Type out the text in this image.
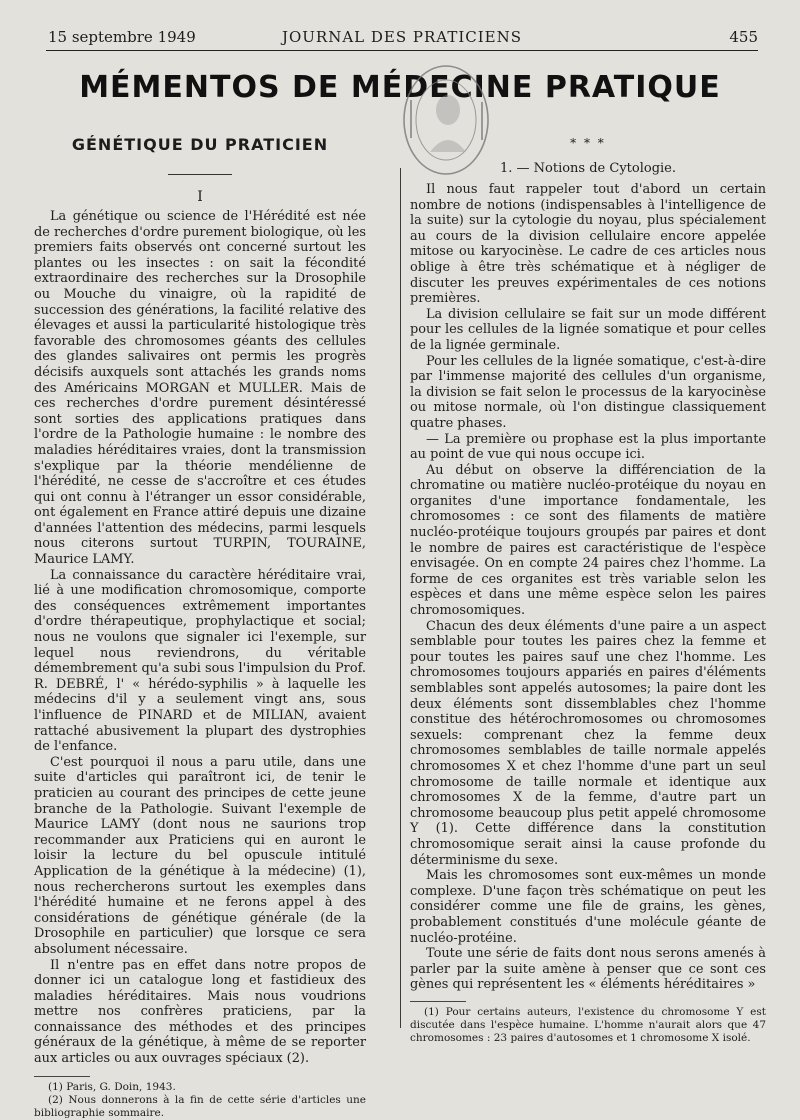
15 septembre 1949	JOURNAL DES PRATICIENS	455
MÉMENTOS DE MÉDECINE PRATIQUE
GÉNÉTIQUE DU PRATICIEN
I

La génétique ou science de l'Hérédité est née de recherches d'ordre purement biologique, où les premiers faits observés ont concerné surtout les plantes ou les insectes : on sait la fécondité extraordinaire des recherches sur la Drosophile ou Mouche du vinaigre, où la rapidité de succession des générations, la facilité relative des élevages et aussi la particularité histologique très favorable des chromosomes géants des cellules des glandes salivaires ont permis les progrès décisifs auxquels sont attachés les grands noms des Américains MORGAN et MULLER. Mais de ces recherches d'ordre purement désintéressé sont sorties des applications pratiques dans l'ordre de la Pathologie humaine : le nombre des maladies héréditaires vraies, dont la transmission s'explique par la théorie mendélienne de l'hérédité, ne cesse de s'accroître et ces études qui ont connu à l'étranger un essor considérable, ont également en France attiré depuis une dizaine d'années l'attention des médecins, parmi lesquels nous citerons surtout TURPIN, TOURAINE, Maurice LAMY.

La connaissance du caractère héréditaire vrai, lié à une modification chromosomique, comporte des conséquences extrêmement importantes d'ordre thérapeutique, prophylactique et social; nous ne voulons que signaler ici l'exemple, sur lequel nous reviendrons, du véritable démembrement qu'a subi sous l'impulsion du Prof. R. DEBRÉ, l' « hérédo-syphilis » à laquelle les médecins d'il y a seulement vingt ans, sous l'influence de PINARD et de MILIAN, avaient rattaché abusivement la plupart des dystrophies de l'enfance.

C'est pourquoi il nous a paru utile, dans une suite d'articles qui paraîtront ici, de tenir le praticien au courant des principes de cette jeune branche de la Pathologie. Suivant l'exemple de Maurice LAMY (dont nous ne saurions trop recommander aux Praticiens qui en auront le loisir la lecture du bel opuscule intitulé Application de la génétique à la médecine) (1), nous rechercherons surtout les exemples dans l'hérédité humaine et ne ferons appel à des considérations de génétique générale (de la Drosophile en particulier) que lorsque ce sera absolument nécessaire.

Il n'entre pas en effet dans notre propos de donner ici un catalogue long et fastidieux des maladies héréditaires. Mais nous voudrions mettre nos confrères praticiens, par la connaissance des méthodes et des principes généraux de la génétique, à même de se reporter aux articles ou aux ouvrages spéciaux (2).

(1) Paris, G. Doin, 1943.

(2) Nous donnerons à la fin de cette série d'articles une bibliographie sommaire.

* * *
1. — Notions de Cytologie.

Il nous faut rappeler tout d'abord un certain nombre de notions (indispensables à l'intelligence de la suite) sur la cytologie du noyau, plus spécialement au cours de la division cellulaire encore appelée mitose ou karyocinèse. Le cadre de ces articles nous oblige à être très schématique et à négliger de discuter les preuves expérimentales de ces notions premières.

La division cellulaire se fait sur un mode différent pour les cellules de la lignée somatique et pour celles de la lignée germinale.

Pour les cellules de la lignée somatique, c'est-à-dire par l'immense majorité des cellules d'un organisme, la division se fait selon le processus de la karyocinèse ou mitose normale, où l'on distingue classiquement quatre phases.

— La première ou prophase est la plus importante au point de vue qui nous occupe ici.

Au début on observe la différenciation de la chromatine ou matière nucléo-protéique du noyau en organites d'une importance fondamentale, les chromosomes : ce sont des filaments de matière nucléo-protéique toujours groupés par paires et dont le nombre de paires est caractéristique de l'espèce envisagée. On en compte 24 paires chez l'homme. La forme de ces organites est très variable selon les espèces et dans une même espèce selon les paires chromosomiques.

Chacun des deux éléments d'une paire a un aspect semblable pour toutes les paires chez la femme et pour toutes les paires sauf une chez l'homme. Les chromosomes toujours appariés en paires d'éléments semblables sont appelés autosomes; la paire dont les deux éléments sont dissemblables chez l'homme constitue des hétérochromosomes ou chromosomes sexuels: comprenant chez la femme deux chromosomes semblables de taille normale appelés chromosomes X et chez l'homme d'une part un seul chromosome de taille normale et identique aux chromosomes X de la femme, d'autre part un chromosome beaucoup plus petit appelé chromosome Y (1). Cette différence dans la constitution chromosomique serait ainsi la cause profonde du déterminisme du sexe.

Mais les chromosomes sont eux-mêmes un monde complexe. D'une façon très schématique on peut les considérer comme une file de grains, les gènes, probablement constitués d'une molécule géante de nucléo-protéine.

Toute une série de faits dont nous serons amenés à parler par la suite amène à penser que ce sont ces gènes qui représentent les « éléments héréditaires »

(1) Pour certains auteurs, l'existence du chromosome Y est discutée dans l'espèce humaine. L'homme n'aurait alors que 47 chromosomes : 23 paires d'autosomes et 1 chromosome X isolé.
